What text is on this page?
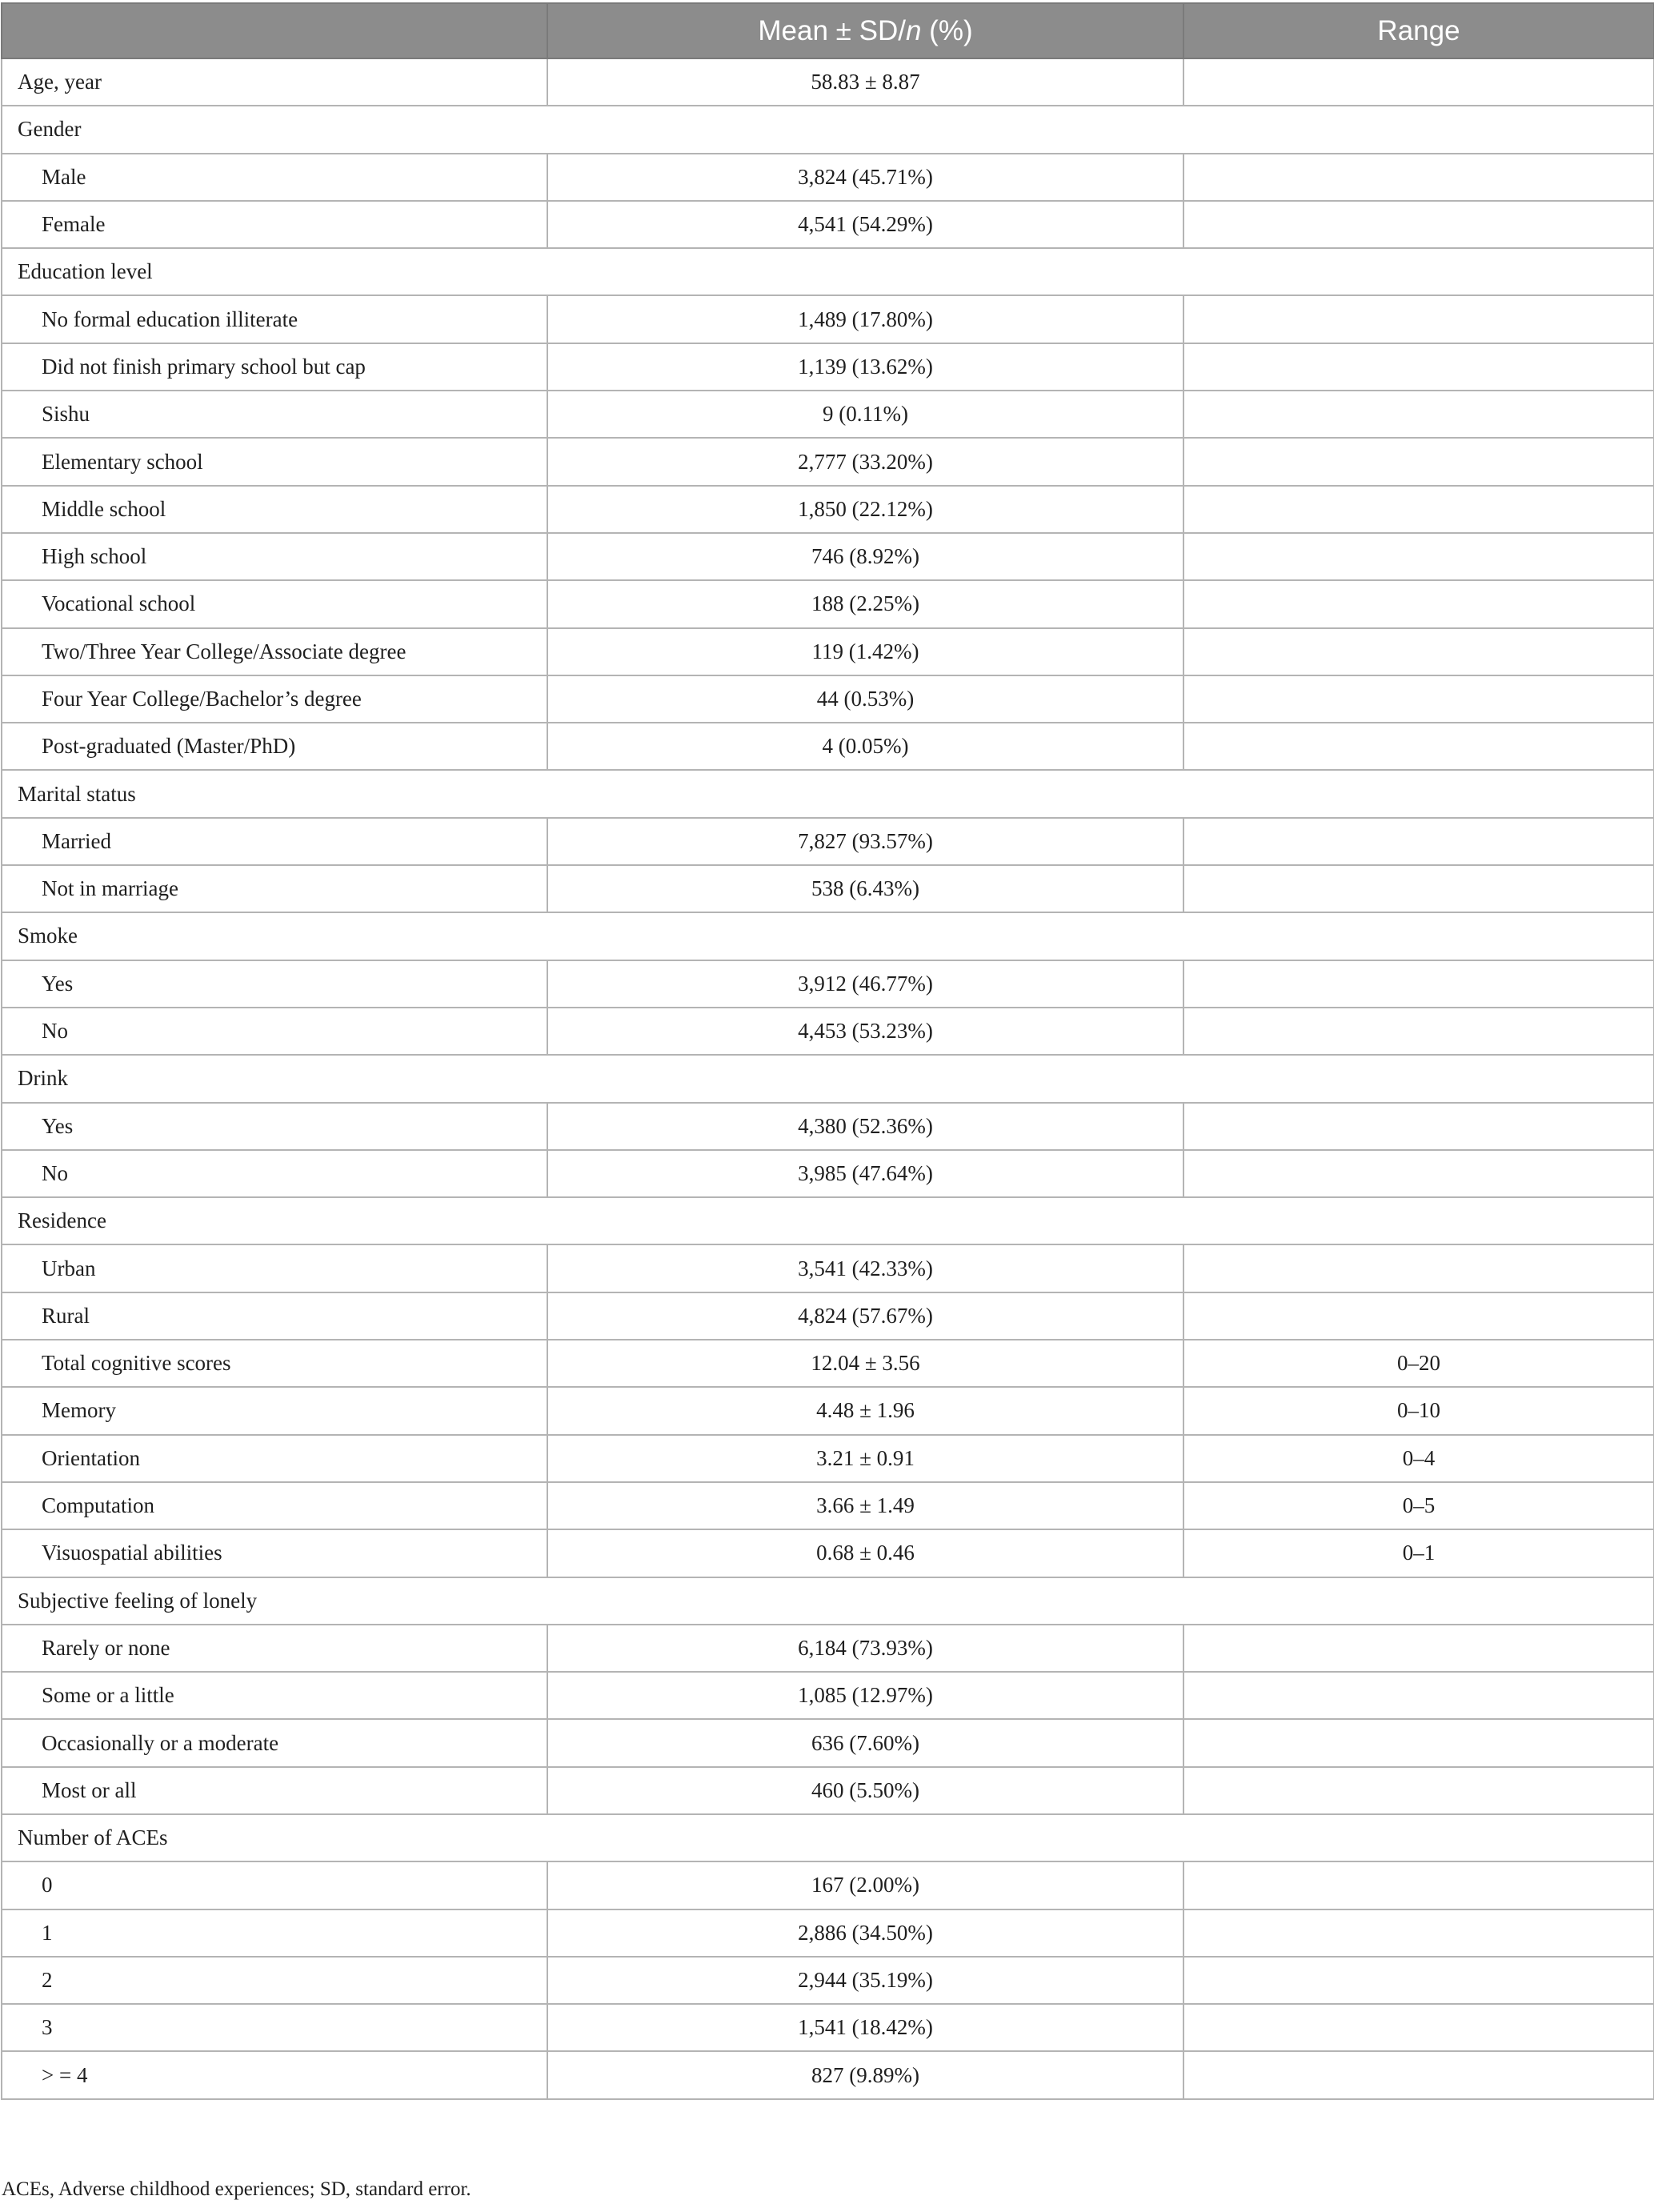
	Mean ± SD/n (%)	Range
Age, year	58.83 ± 8.87	
Gender		
Male	3,824 (45.71%)	
Female	4,541 (54.29%)	
Education level		
No formal education illiterate	1,489 (17.80%)	
Did not finish primary school but cap	1,139 (13.62%)	
Sishu	9 (0.11%)	
Elementary school	2,777 (33.20%)	
Middle school	1,850 (22.12%)	
High school	746 (8.92%)	
Vocational school	188 (2.25%)	
Two/Three Year College/Associate degree	119 (1.42%)	
Four Year College/Bachelor’s degree	44 (0.53%)	
Post-graduated (Master/PhD)	4 (0.05%)	
Marital status		
Married	7,827 (93.57%)	
Not in marriage	538 (6.43%)	
Smoke		
Yes	3,912 (46.77%)	
No	4,453 (53.23%)	
Drink		
Yes	4,380 (52.36%)	
No	3,985 (47.64%)	
Residence		
Urban	3,541 (42.33%)	
Rural	4,824 (57.67%)	
Total cognitive scores	12.04 ± 3.56	0–20
Memory	4.48 ± 1.96	0–10
Orientation	3.21 ± 0.91	0–4
Computation	3.66 ± 1.49	0–5
Visuospatial abilities	0.68 ± 0.46	0–1
Subjective feeling of lonely		
Rarely or none	6,184 (73.93%)	
Some or a little	1,085 (12.97%)	
Occasionally or a moderate	636 (7.60%)	
Most or all	460 (5.50%)	
Number of ACEs		
0	167 (2.00%)	
1	2,886 (34.50%)	
2	2,944 (35.19%)	
3	1,541 (18.42%)	
> = 4	827 (9.89%)	
ACEs, Adverse childhood experiences; SD, standard error.
